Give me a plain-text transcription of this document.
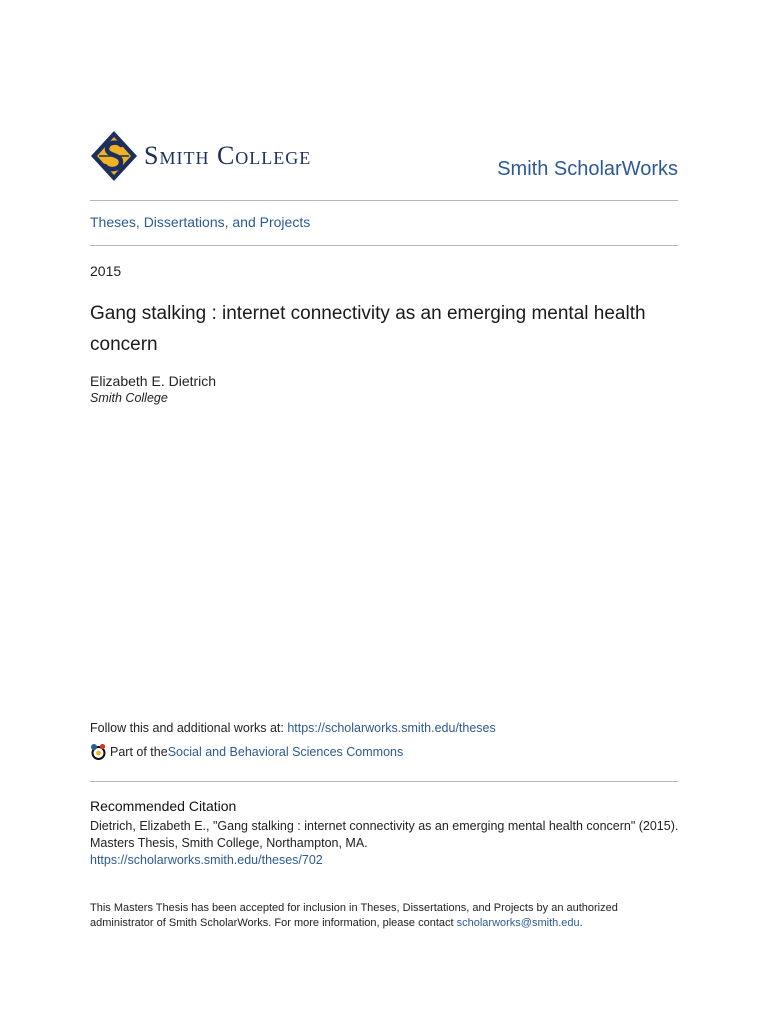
Smith College	Smith ScholarWorks
Theses, Dissertations, and Projects
2015
Gang stalking : internet connectivity as an emerging mental health concern
Elizabeth E. Dietrich
Smith College
Follow this and additional works at: https://scholarworks.smith.edu/theses
Part of the Social and Behavioral Sciences Commons
Recommended Citation
Dietrich, Elizabeth E., "Gang stalking : internet connectivity as an emerging mental health concern" (2015). Masters Thesis, Smith College, Northampton, MA.
https://scholarworks.smith.edu/theses/702
This Masters Thesis has been accepted for inclusion in Theses, Dissertations, and Projects by an authorized administrator of Smith ScholarWorks. For more information, please contact scholarworks@smith.edu.
